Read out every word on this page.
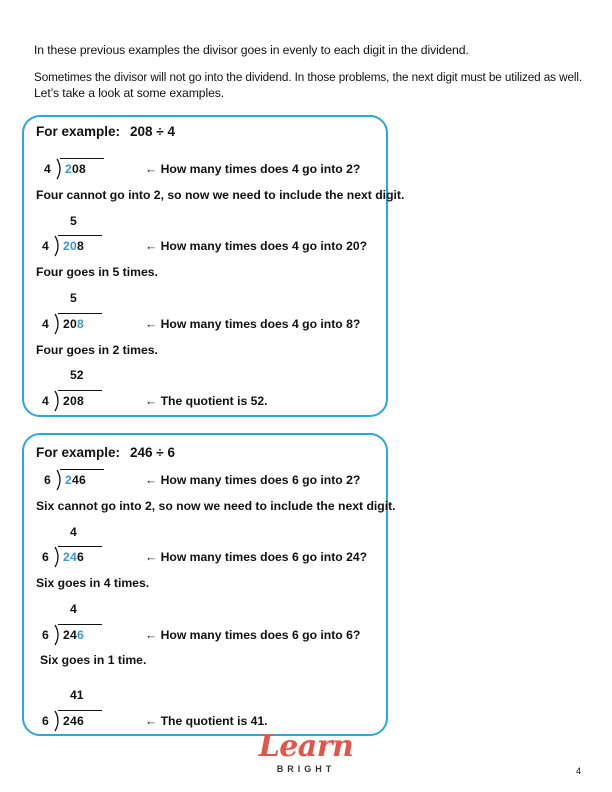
In these previous examples the divisor goes in evenly to each digit in the dividend.
Sometimes the divisor will not go into the dividend. In those problems, the next digit must be utilized as well.
Let’s take a look at some examples.
For example: 208 ÷ 4
4 208	← How many times does 4 go into 2?
Four cannot go into 2, so now we need to include the next digit.
5
4 208	← How many times does 4 go into 20?
Four goes in 5 times.
5
4 208	← How many times does 4 go into 8?
Four goes in 2 times.
52
4 208	← The quotient is 52.
For example: 246 ÷ 6
6 246	← How many times does 6 go into 2?
Six cannot go into 2, so now we need to include the next digit.
4
6 246	← How many times does 6 go into 24?
Six goes in 4 times.
4
6 246	← How many times does 6 go into 6?
Six goes in 1 time.
41
6 246	← The quotient is 41.
Learn
BRIGHT	4
